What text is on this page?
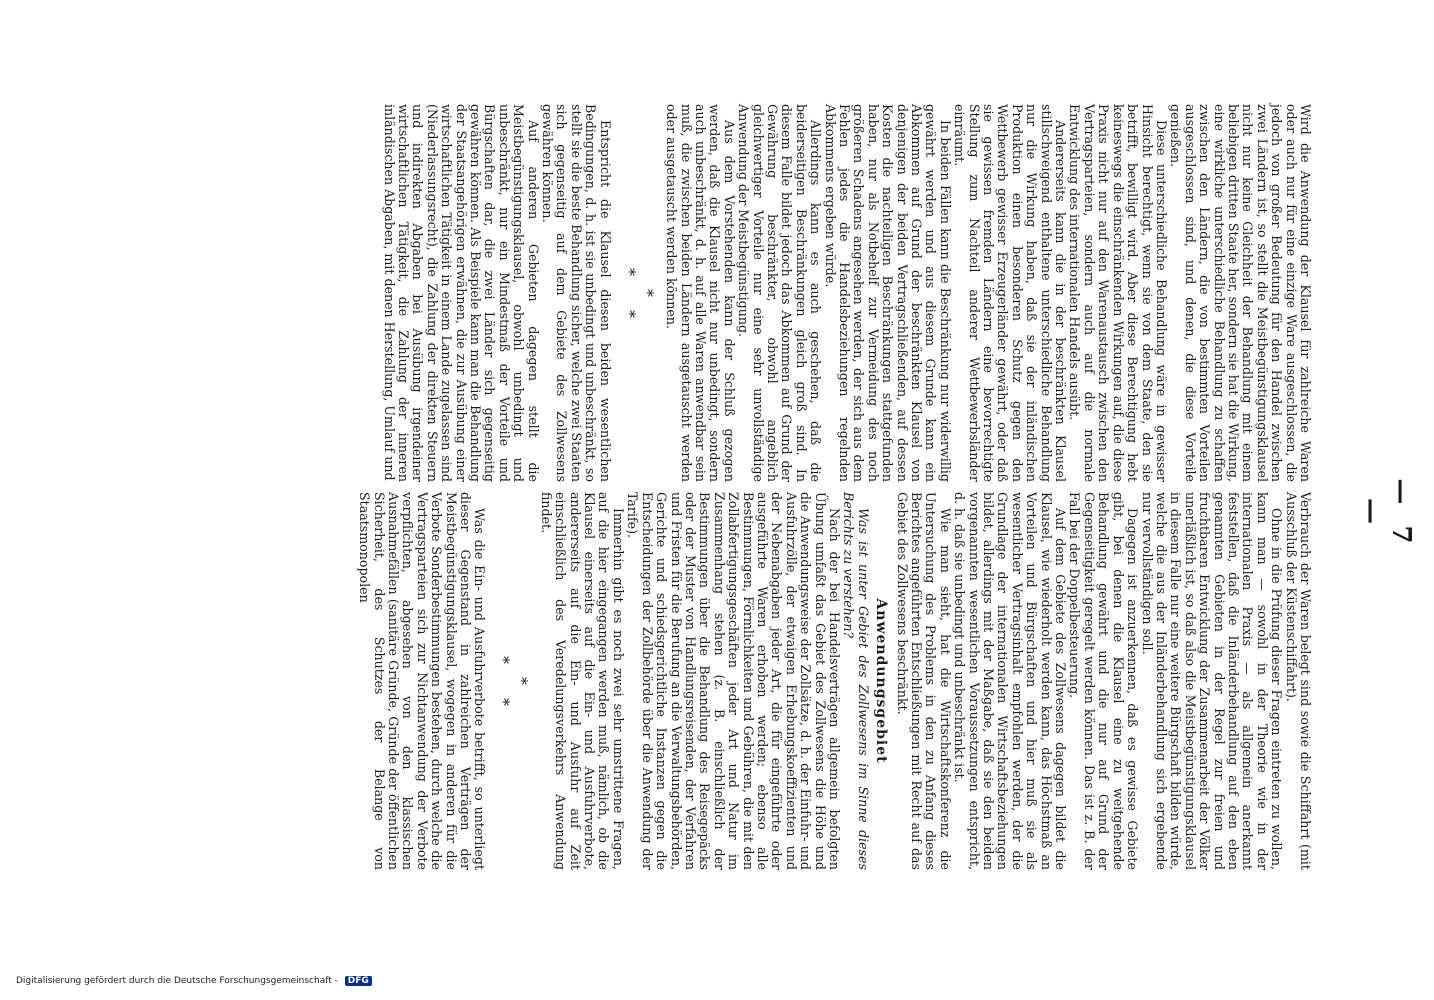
— 7 —

Wird die Anwendung der Klausel für zahlreiche Waren oder auch nur für eine einzige Ware ausgeschlossen, die jedoch von großer Bedeutung für den Handel zwischen zwei Ländern ist, so stellt die Meistbegünstigungsklausel nicht nur keine Gleichheit der Behandlung mit einem beliebigen dritten Staate her, sondern sie hat die Wirkung, eine wirkliche unterschiedliche Behandlung zu schaffen zwischen den Ländern, die von bestimmten Vorteilen ausgeschlossen sind, und denen, die diese Vorteile genießen.

Diese unterschiedliche Behandlung wäre in gewisser Hinsicht berechtigt, wenn sie von dem Staate, den sie betrifft, bewilligt wird. Aber diese Berechtigung hebt keineswegs die einschränkenden Wirkungen auf, die diese Praxis nicht nur auf den Warenaustausch zwischen den Vertragsparteien, sondern auch auf die normale Entwicklung des internationalen Handels ausübt.

Andererseits kann die in der beschränkten Klausel stillschweigend enthaltene unterschiedliche Behandlung nur die Wirkung haben, daß sie der inländischen Produktion einen besonderen Schutz gegen den Wettbewerb gewisser Erzeugerländer gewährt, oder daß sie gewissen fremden Ländern eine bevorrechtigte Stellung zum Nachteil anderer Wettbewerbsländer einräumt.

In beiden Fällen kann die Beschränkung nur widerwillig gewährt werden und aus diesem Grunde kann ein Abkommen auf Grund der beschränkten Klausel von denjenigen der beiden Vertragschließenden, auf dessen Kosten die nachteiligen Beschränkungen stattgefunden haben, nur als Notbehelf zur Vermeidung des noch größeren Schadens angesehen werden, der sich aus dem Fehlen jedes die Handelsbeziehungen regelnden Abkommens ergeben würde.

Allerdings kann es auch geschehen, daß die beiderseitigen Beschränkungen gleich groß sind. In diesem Falle bildet jedoch das Abkommen auf Grund der Gewährung beschränkter, obwohl angeblich gleichwertiger Vorteile nur eine sehr unvollständige Anwendung der Meistbegünstigung.

Aus dem Vorstehenden kann der Schluß gezogen werden, daß die Klausel nicht nur unbedingt, sondern auch unbeschränkt, d. h. auf alle Waren anwendbar sein muß, die zwischen beiden Ländern ausgetauscht werden oder ausgetauscht werden können.

*
**

Entspricht die Klausel diesen beiden wesentlichen Bedingungen, d. h. ist sie unbedingt und unbeschränkt, so stellt sie die beste Behandlung sicher, welche zwei Staaten sich gegenseitig auf dem Gebiete des Zollwesens gewähren können.

Auf anderen Gebieten dagegen stellt die Meistbegünstigungsklausel, obwohl unbedingt und unbeschränkt, nur ein Mindestmaß der Vorteile und Bürgschaften dar, die zwei Länder sich gegenseitig gewähren können. Als Beispiele kann man die Behandlung der Staatsangehörigen erwähnen, die zur Ausübung einer wirtschaftlichen Tätigkeit in einem Lande zugelassen sind (Niederlassungsrecht), die Zahlung der direkten Steuern und indirekten Abgaben bei Ausübung irgendeiner wirtschaftlichen Tätigkeit, die Zahlung der inneren inländischen Abgaben, mit denen Herstellung, Umlauf und

Verbrauch der Waren belegt sind sowie die Schiffahrt (mit Ausschluß der Küstenschiffahrt).

Ohne in die Prüfung dieser Fragen eintreten zu wollen, kann man — sowohl in der Theorie wie in der internationalen Praxis — als allgemein anerkannt feststellen, daß die Inländerbehandlung auf den eben genannten Gebieten in der Regel zur freien und fruchtbaren Entwicklung der Zusammenarbeit der Völker unerläßlich ist, so daß also die Meistbegünstigungsklausel in diesem Falle nur eine weitere Bürgschaft bilden würde, welche die aus der Inländerbehandlung sich ergebende nur vervollständigen soll.

Dagegen ist anzuerkennen, daß es gewisse Gebiete gibt, bei denen die Klausel eine zu weitgehende Behandlung gewährt und die nur auf Grund der Gegenseitigkeit geregelt werden können. Das ist z. B. der Fall bei der Doppelbesteuerung.

Auf dem Gebiete des Zollwesens dagegen bildet die Klausel, wie wiederholt werden kann, das Höchstmaß an Vorteilen und Bürgschaften und hier muß sie als wesentlicher Vertragsinhalt empfohlen werden, der die Grundlage der internationalen Wirtschaftsbeziehungen bildet, allerdings mit der Maßgabe, daß sie den beiden vorgenannten wesentlichen Voraussetzungen entspricht, d. h. daß sie unbedingt und unbeschränkt ist.

Wie man sieht, hat die Wirtschaftskonferenz die Untersuchung des Problems in den zu Anfang dieses Berichtes angeführten Entschließungen mit Recht auf das Gebiet des Zollwesens beschränkt.

Anwendungsgebiet

Was ist unter Gebiet des Zollwesens im Sinne dieses Berichts zu verstehen?

Nach der bei Handelsverträgen allgemein befolgten Übung umfaßt das Gebiet des Zollwesens die Höhe und die Anwendungsweise der Zollsätze, d. h. der Einfuhr- und Ausfuhrzölle, der etwaigen Erhebungskoeffizienten und der Nebenabgaben jeder Art, die für eingeführte oder ausgeführte Waren erhoben werden; ebenso alle Bestimmungen, Förmlichkeiten und Gebühren, die mit den Zollabfertigungsgeschäften jeder Art und Natur im Zusammenhang stehen (z. B. einschließlich der Bestimmungen über die Behandlung des Reisegepäcks oder der Muster von Handlungsreisenden, der Verfahren und Fristen für die Berufung an die Verwaltungsbehörden, Gerichte und schiedsgerichtliche Instanzen gegen die Entscheidungen der Zollbehörde über die Anwendung der Tarife).

Immerhin gibt es noch zwei sehr umstrittene Fragen, auf die hier eingegangen werden muß, nämlich, ob die Klausel einerseits auf die Ein- und Ausfuhrverbote, andererseits auf die Ein- und Ausfuhr auf Zeit einschließlich des Veredelungsverkehrs Anwendung findet.

*
**

Was die Ein- und Ausfuhrverbote betrifft, so unterliegt dieser Gegenstand in zahlreichen Verträgen der Meistbegünstigungsklausel, wogegen in anderen für die Verbote Sonderbestimmungen bestehen, durch welche die Vertragsparteien sich zur Nichtanwendung der Verbote verpflichten, abgesehen von den klassischen Ausnahmefällen (sanitäre Gründe, Gründe der öffentlichen Sicherheit, des Schutzes der Belange von Staatsmonopolen

Digitalisierung gefördert durch die Deutsche Forschungsgemeinschaft - DFG
